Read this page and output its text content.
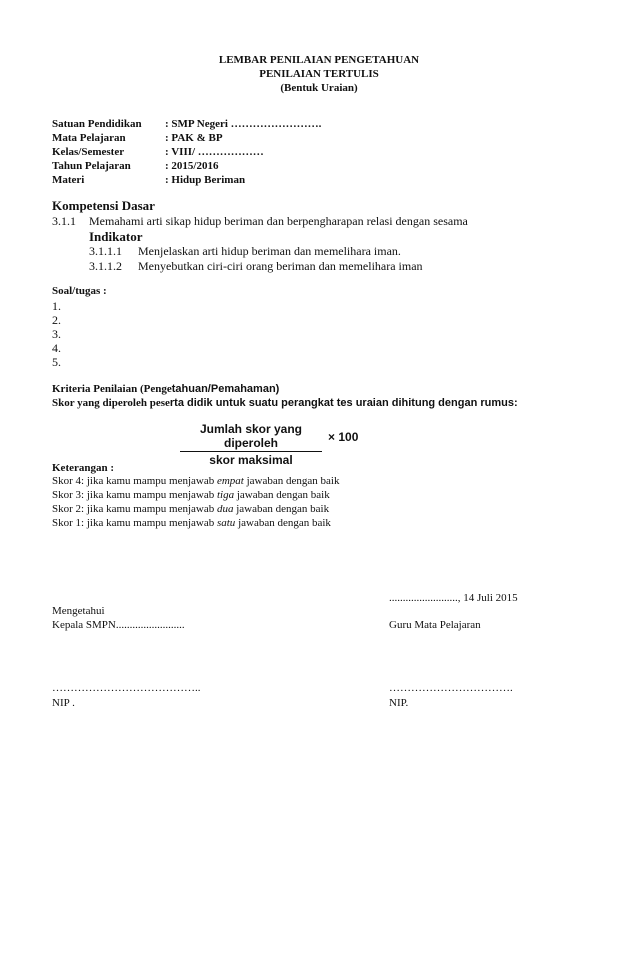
LEMBAR PENILAIAN PENGETAHUAN
PENILAIAN TERTULIS
(Bentuk Uraian)
Satuan Pendidikan : SMP Negeri …………………….
Mata Pelajaran	: PAK & BP
Kelas/Semester	: VIII/ ………………
Tahun Pelajaran	: 2015/2016
Materi	: Hidup Beriman
Kompetensi Dasar
3.1.1 Memahami arti sikap hidup beriman dan berpengharapan relasi dengan sesama
Indikator
3.1.1.1 Menjelaskan arti hidup beriman dan memelihara iman.
3.1.1.2 Menyebutkan ciri-ciri orang beriman dan memelihara iman
Soal/tugas :
1.
2.
3.
4.
5.
Kriteria Penilaian (Pengetahuan/Pemahaman)
Skor yang diperoleh peserta didik untuk suatu perangkat tes uraian dihitung dengan rumus:
Jumlah skor yang diperoleh
skor maksimal
× 100
Keterangan :
Skor 4: jika kamu mampu menjawab empat jawaban dengan baik
Skor 3: jika kamu mampu menjawab tiga jawaban dengan baik
Skor 2: jika kamu mampu menjawab dua jawaban dengan baik
Skor 1: jika kamu mampu menjawab satu jawaban dengan baik
........................., 14 Juli 2015
Mengetahui
Kepala SMPN.........................	Guru Mata Pelajaran
…………………………………..	…………………………….
NIP .	NIP.
